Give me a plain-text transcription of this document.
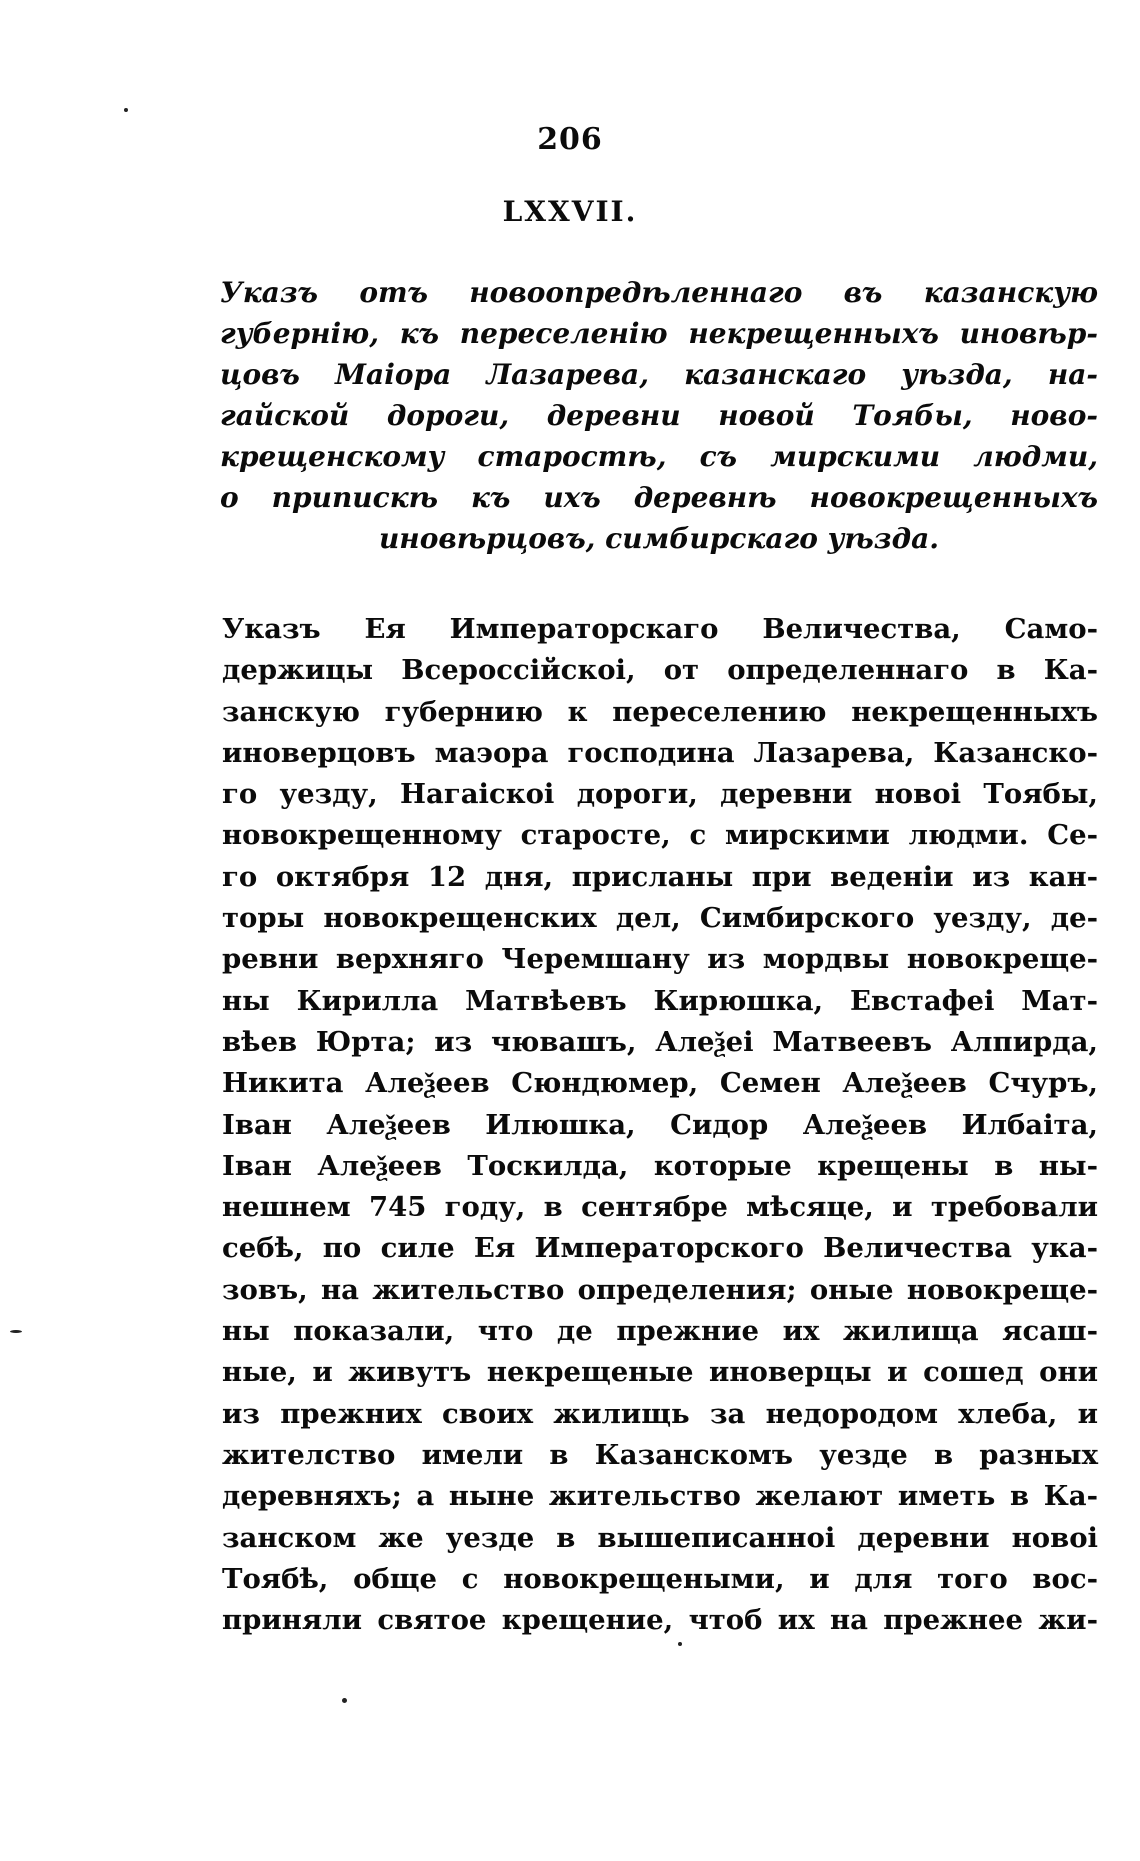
206
LXXVII.
Указъ отъ новоопредѣленнаго въ казанскую
губернію, къ переселенію некрещенныхъ иновѣр-
цовъ Маіора Лазарева, казанскаго уѣзда, на-
гайской дороги, деревни новой Тоябы, ново-
крещенскому старостѣ, съ мирскими людми,
о припискѣ къ ихъ деревнѣ новокрещенныхъ
иновѣрцовъ, симбирскаго уѣзда.
Указъ Ея Императорскаго Величества, Само-
держицы Всероссійскоі, от определеннаго в Ка-
занскую губернию к переселению некрещенныхъ
иноверцовъ маэора господина Лазарева, Казанско-
го уезду, Нагаіскоі дороги, деревни новоі Тоябы,
новокрещенному старосте, с мирскими людми. Се-
го октября 12 дня, присланы при веденіи из кан-
торы новокрещенских дел, Симбирского уезду, де-
ревни верхняго Черемшану из мордвы новокреще-
ны Кирилла Матвѣевъ Кирюшка, Евстафеі Мат-
вѣев Юрта; из чювашъ, Алеѯеі Матвеевъ Алпирда,
Никита Алеѯеев Сюндюмер, Семен Алеѯеев Счуръ,
Іван Алеѯеев Илюшка, Сидор Алеѯеев Илбаіта,
Іван Алеѯеев Тоскилда, которые крещены в ны-
нешнем 745 году, в сентябре мѣсяце, и требовали
себѣ, по силе Ея Императорского Величества ука-
зовъ, на жительство определения; оные новокреще-
ны показали, что де прежние их жилища ясаш-
ные, и живутъ некрещеные иноверцы и сошед они
из прежних своих жилищь за недородом хлеба, и
жителство имели в Казанскомъ уезде в разных
деревняхъ; а ныне жительство желают иметь в Ка-
занском же уезде в вышеписанноі деревни новоі
Тоябѣ, обще с новокрещеными, и для того вос-
приняли святое крещение, чтоб их на прежнее жи-
